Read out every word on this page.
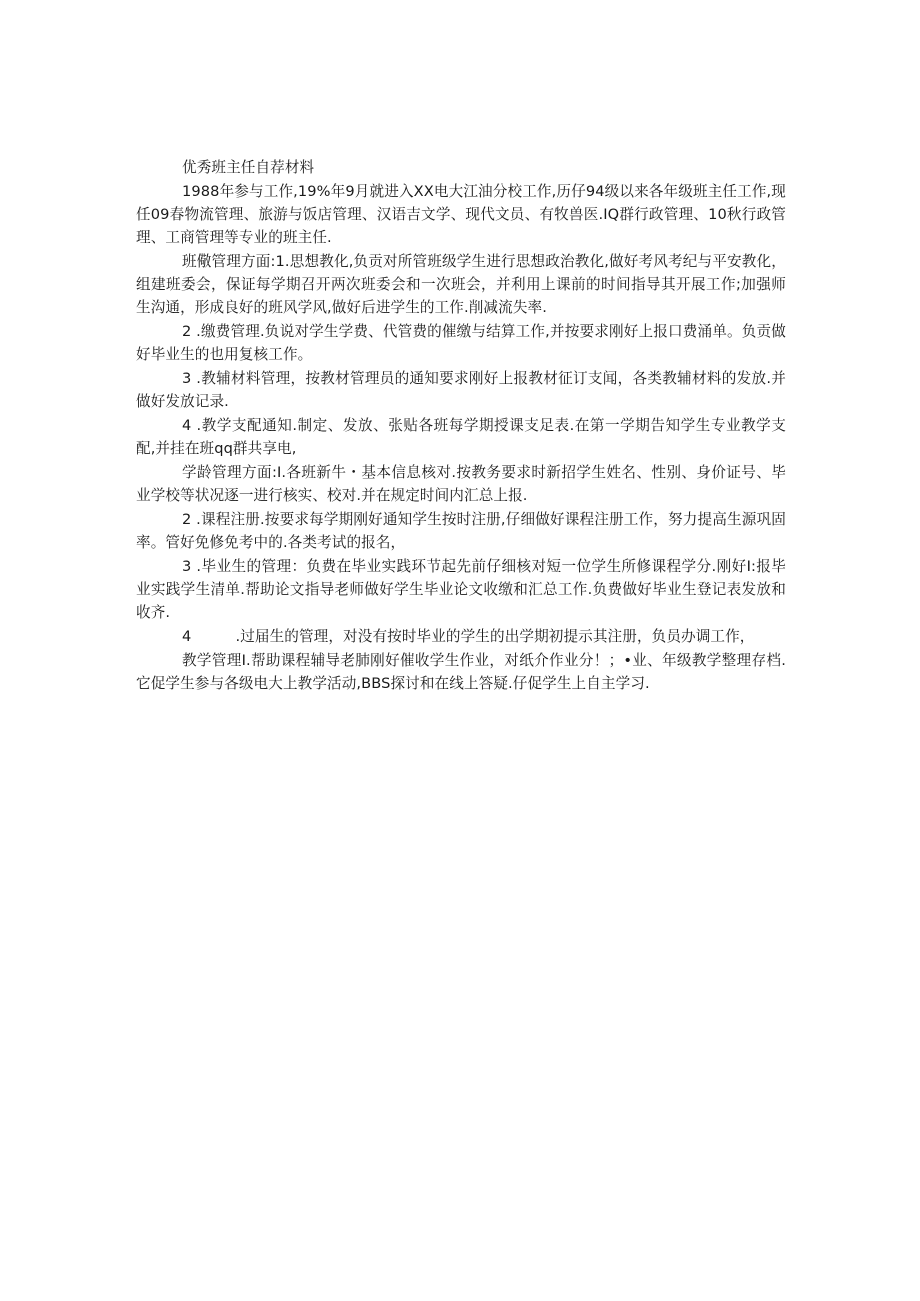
优秀班主任自荐材料

1988年参与工作,19%年9月就进入XX电大江油分校工作,历仔94级以来各年级班主任工作,现任09春物流管理、旅游与饭店管理、汉语吉文学、现代文员、有牧兽医.IQ群行政管理、10秋行政管理、工商管理等专业的班主任.

班儆管理方面:1.思想教化,负贡对所管班级学生进行思想政治教化,做好考风考纪与平安教化，组建班委会，保证每学期召开两次班委会和一次班会，并利用上课前的时间指导其开展工作;加强师生沟通，形成良好的班风学风,做好后进学生的工作.削减流失率.

2 .缴费管理.负说对学生学费、代管费的催缴与结算工作,并按要求刚好上报口费涌单。负贡做好毕业生的也用复核工作。

3 .教辅材料管理，按教材管理员的通知要求刚好上报教材征订支闻，各类教辅材料的发放.并做好发放记录.

4 .教学支配通知.制定、发放、张贴各班每学期授课支足表.在第一学期告知学生专业教学支配,并挂在班qq群共享电,

学龄管理方面:I.各班新牛・基本信息核对.按教务要求时新招学生姓名、性别、身价证号、毕业学校等状况逐一进行核实、校对.并在规定时间内汇总上报.

2 .课程注册.按要求每学期刚好通知学生按时注册,仔细做好课程注册工作，努力提高生源巩固率。管好免修免考中的.各类考试的报名，

3 .毕业生的管理：负费在毕业实践环节起先前仔细核对短一位学生所修课程学分.刚好I:报毕业实践学生清单.帮助论文指导老师做好学生毕业论文收缴和汇总工作.负费做好毕业生登记表发放和收齐.

4　　　.过届生的管理，对没有按时毕业的学生的出学期初提示其注册，负员办调工作，

教学管理I.帮助课程辅导老肺刚好催收学生作业，对纸介作业分！；•业、年级教学整理存档.它促学生参与各级电大上教学活动,BBS探讨和在线上答疑.仔促学生上自主学习.
